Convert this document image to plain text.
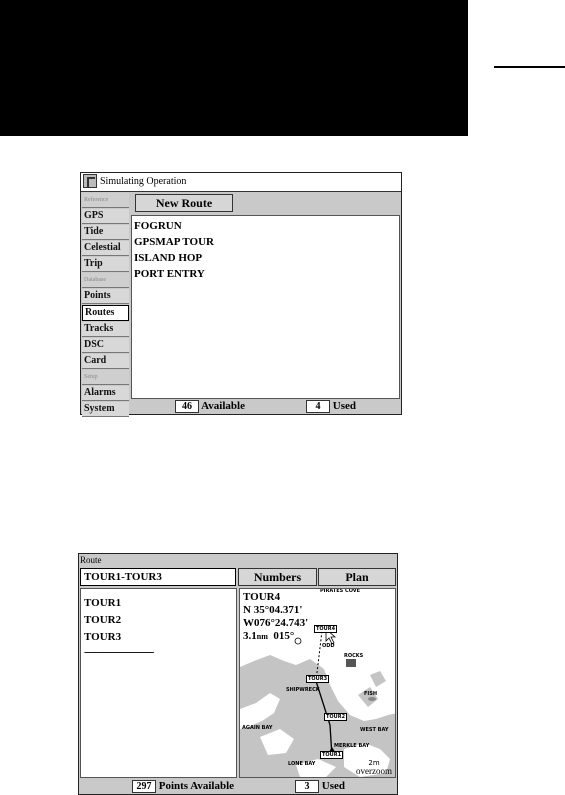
Simulating Operation
Reference
GPS
Tide
Celestial
Trip
Database
Points
Routes
Tracks
DSC
Card
Setup
Alarms
System
New Route
FOGRUN
GPSMAP TOUR
ISLAND HOP
PORT ENTRY
46 Available	4 Used
Route
TOUR1-TOUR3	Numbers	Plan
TOUR1
TOUR2
TOUR3
--------------------------
PIRATES COVE
TOUR4
N 35°04.371'
W076°24.743'
3.1nm 015°
TOUR4
ODD
ROCKS
TOUR3
SHIPWRECK
FISH
TOUR2
AGAIN BAY	WEST BAY
MERKLE BAY
TOUR1
LONE BAY	2m
overzoom
297 Points Available	3 Used
